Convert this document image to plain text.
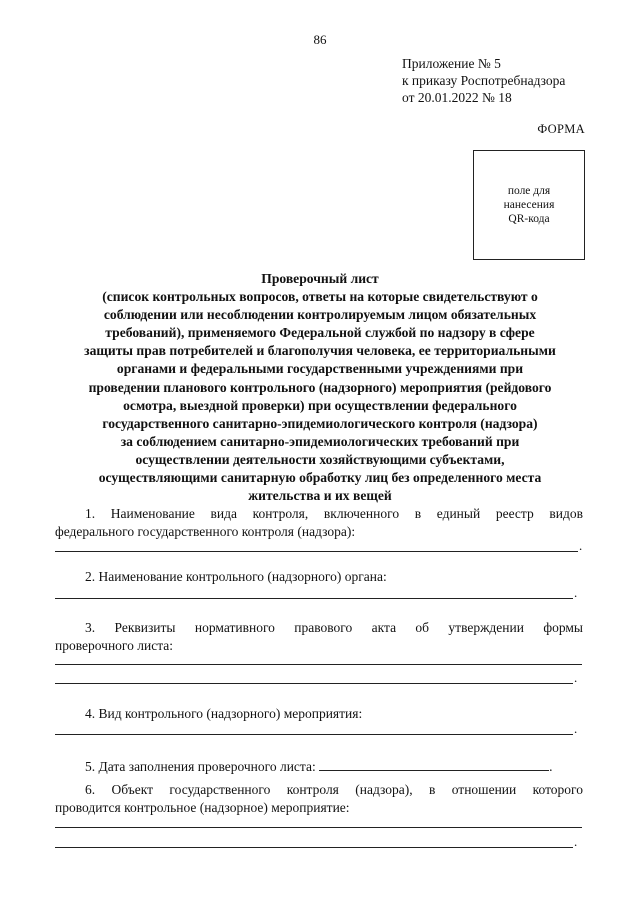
86
Приложение № 5
к приказу Роспотребнадзора
от 20.01.2022 № 18
ФОРМА
поле для
нанесения
QR-кода
Проверочный лист
(список контрольных вопросов, ответы на которые свидетельствуют о
соблюдении или несоблюдении контролируемым лицом обязательных
требований), применяемого Федеральной службой по надзору в сфере
защиты прав потребителей и благополучия человека, ее территориальными
органами и федеральными государственными учреждениями при
проведении планового контрольного (надзорного) мероприятия (рейдового
осмотра, выездной проверки) при осуществлении федерального
государственного санитарно-эпидемиологического контроля (надзора)
за соблюдением санитарно-эпидемиологических требований при
осуществлении деятельности хозяйствующими субъектами,
осуществляющими санитарную обработку лиц без определенного места
жительства и их вещей
1. Наименование вида контроля, включенного в единый реестр видов
федерального государственного контроля (надзора):
.
2. Наименование контрольного (надзорного) органа:
.
3. Реквизиты нормативного правового акта об утверждении формы
проверочного листа:
.
4. Вид контрольного (надзорного) мероприятия:
.
5. Дата заполнения проверочного листа:	.
6. Объект государственного контроля (надзора), в отношении которого
проводится контрольное (надзорное) мероприятие:
.
